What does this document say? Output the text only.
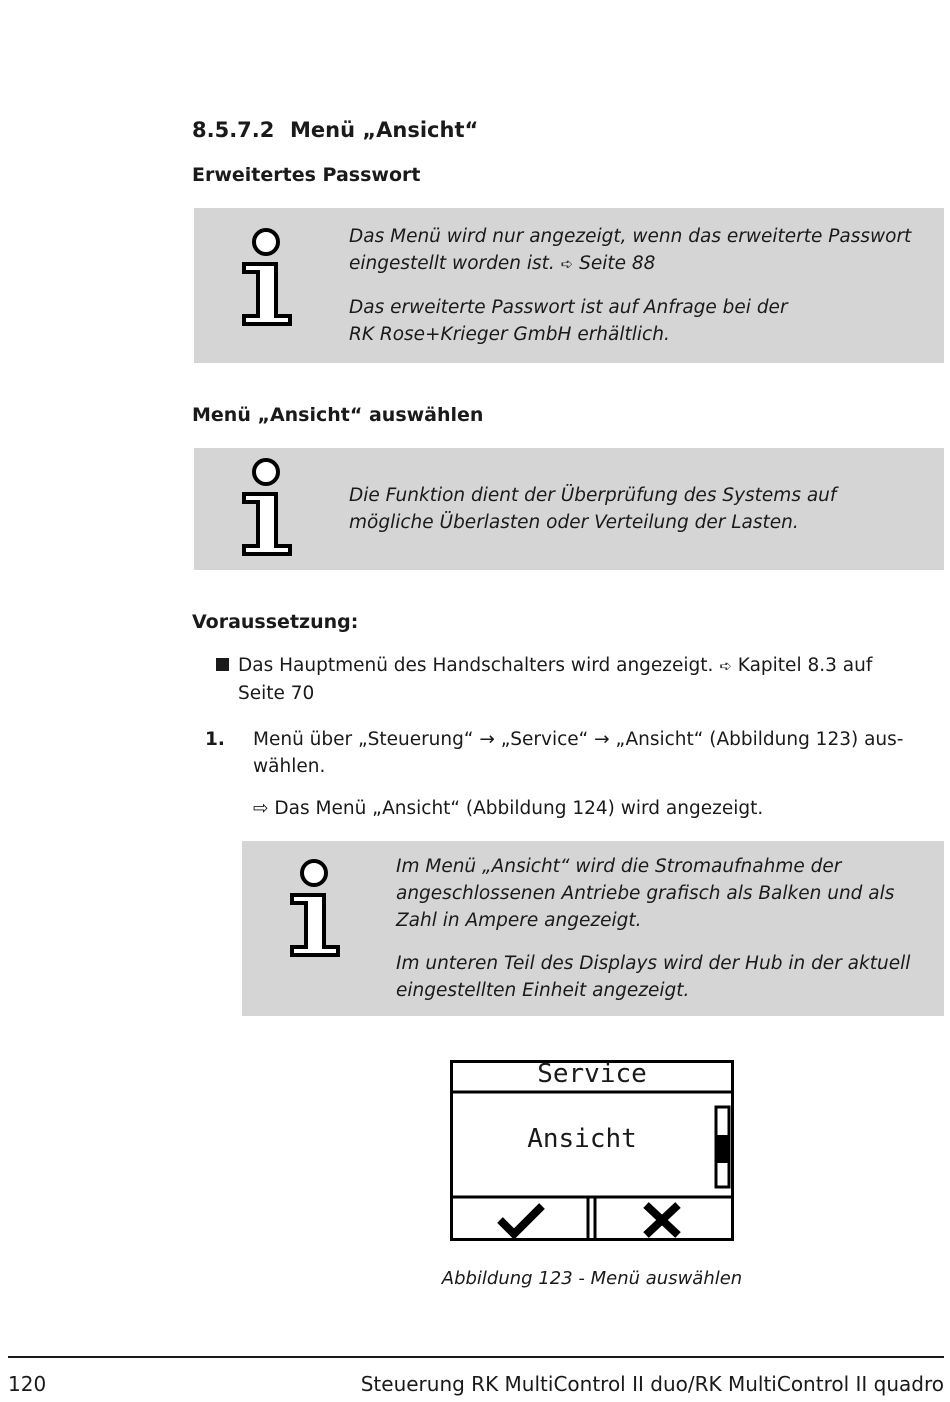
8.5.7.2 Menü „Ansicht“
Erweitertes Passwort

Das Menü wird nur angezeigt, wenn das erweiterte Passwort
eingestellt worden ist. ➪ Seite 88

Das erweiterte Passwort ist auf Anfrage bei der
RK Rose+Krieger GmbH erhältlich.

Menü „Ansicht“ auswählen

Die Funktion dient der Überprüfung des Systems auf
mögliche Überlasten oder Verteilung der Lasten.

Voraussetzung:
Das Hauptmenü des Handschalters wird angezeigt. ➪ Kapitel 8.3 auf
Seite 70
1. Menü über „Steuerung“ → „Service“ → „Ansicht“ (Abbildung 123) aus-
wählen.
⇨ Das Menü „Ansicht“ (Abbildung 124) wird angezeigt.

Im Menü „Ansicht“ wird die Stromaufnahme der
angeschlossenen Antriebe grafisch als Balken und als
Zahl in Ampere angezeigt.

Im unteren Teil des Displays wird der Hub in der aktuell
eingestellten Einheit angezeigt.

Service
Ansicht
Abbildung 123 - Menü auswählen
120	Steuerung RK MultiControl II duo/RK MultiControl II quadro
